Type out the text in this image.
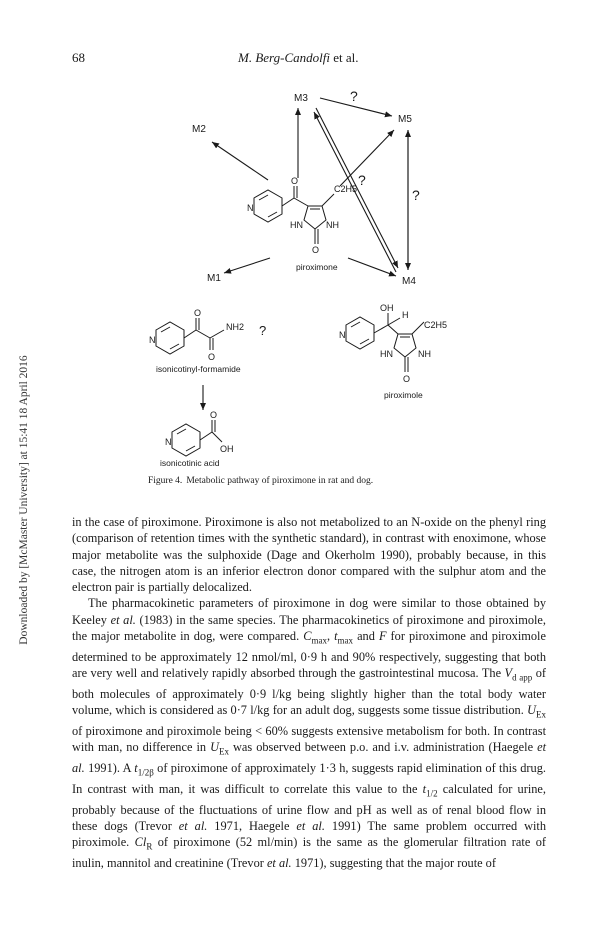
68	M. Berg-Candolfi et al.
Downloaded by [McMaster University] at 15:41 18 April 2016
M3
M2
M5
M1	M4
?
?
?
O
N
C2H5
HN	NH
O
piroximone
O
O
N
NH2 ?
isonicotinyl-formamide
OH
H
N
C2H5
HN	NH
O
piroximole
O
OH
N
isonicotinic acid
Figure 4. Metabolic pathway of piroximone in rat and dog.

in the case of piroximone. Piroximone is also not metabolized to an N-oxide on the phenyl ring (comparison of retention times with the synthetic standard), in contrast with enoximone, whose major metabolite was the sulphoxide (Dage and Okerholm 1990), probably because, in this case, the nitrogen atom is an inferior electron donor compared with the sulphur atom and the electron pair is partially delocalized.

The pharmacokinetic parameters of piroximone in dog were similar to those obtained by Keeley et al. (1983) in the same species. The pharmacokinetics of piroximone and piroximole, the major metabolite in dog, were compared. $C_{max}$, $t_{max}$ and F for piroximone and piroximole determined to be approximately 12 nmol/ml, 0·9 h and 90% respectively, suggesting that both are very well and relatively rapidly absorbed through the gastrointestinal mucosa. The $V_{d app}$ of both molecules of approximately 0·9 l/kg being slightly higher than the total body water volume, which is considered as 0·7 l/kg for an adult dog, suggests some tissue distribution. $U_{Ex}$ of piroximone and piroximole being < 60% suggests extensive metabolism for both. In contrast with man, no difference in $U_{Ex}$ was observed between p.o. and i.v. administration (Haegele et al. 1991). A $t_{1/2\beta}$ of piroximone of approximately 1·3 h, suggests rapid elimination of this drug. In contrast with man, it was difficult to correlate this value to the $t_{1/2}$ calculated for urine, probably because of the fluctuations of urine flow and pH as well as of renal blood flow in these dogs (Trevor et al. 1971, Haegele et al. 1991) The same problem occurred with piroximole. $Cl_R$ of piroximone (52 ml/min) is the same as the glomerular filtration rate of inulin, mannitol and creatinine (Trevor et al. 1971), suggesting that the major route of
